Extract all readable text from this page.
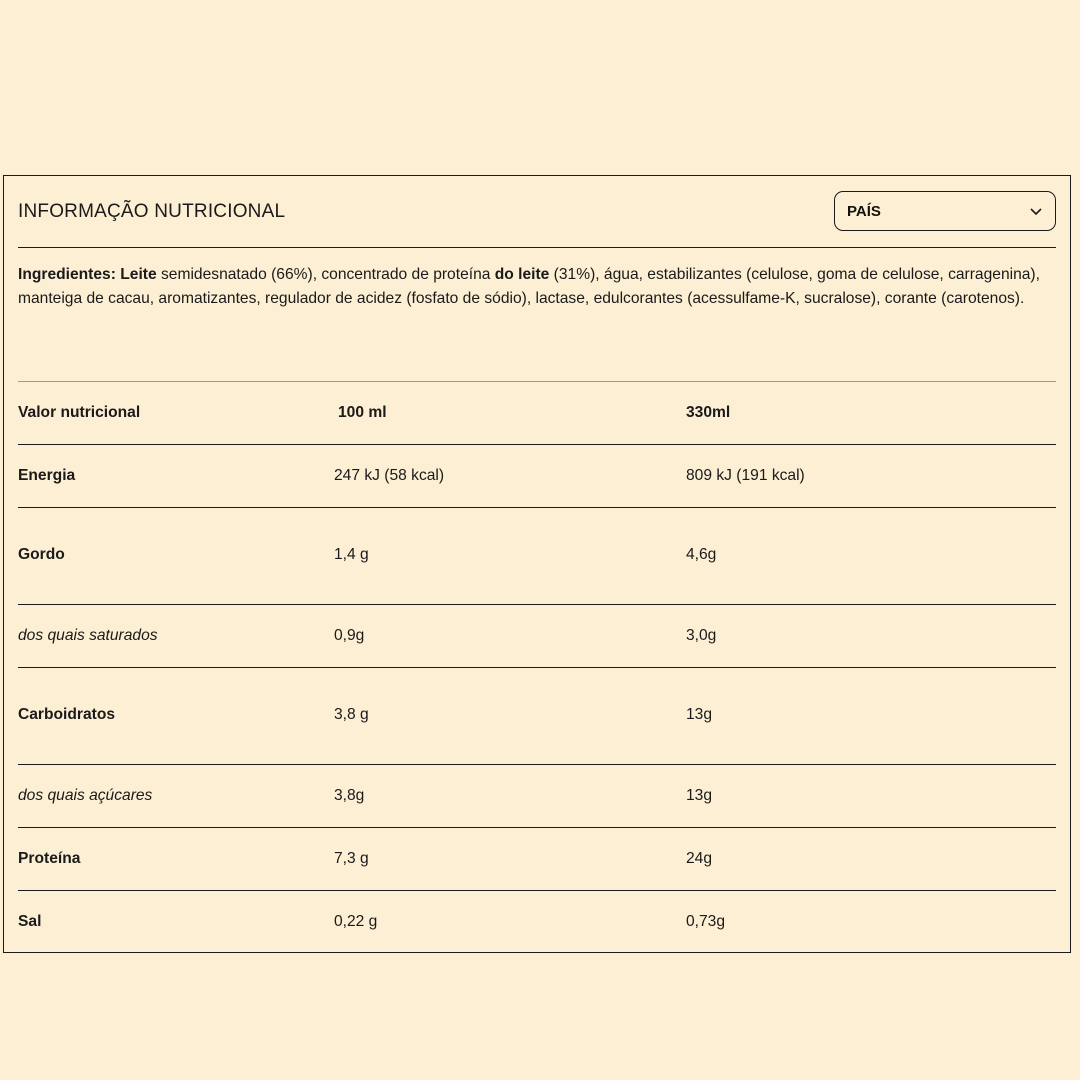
INFORMAÇÃO NUTRICIONAL	PAÍS
Ingredientes: Leite semidesnatado (66%), concentrado de proteína do leite (31%), água, estabilizantes (celulose, goma de celulose, carragenina), manteiga de cacau, aromatizantes, regulador de acidez (fosfato de sódio), lactase, edulcorantes (acessulfame-K, sucralose), corante (carotenos).
Valor nutricional	100 ml	330ml
Energia	247 kJ (58 kcal)	809 kJ (191 kcal)
Gordo	1,4 g	4,6g
dos quais saturados	0,9g	3,0g
Carboidratos	3,8 g	13g
dos quais açúcares	3,8g	13g
Proteína	7,3 g	24g
Sal	0,22 g	0,73g
